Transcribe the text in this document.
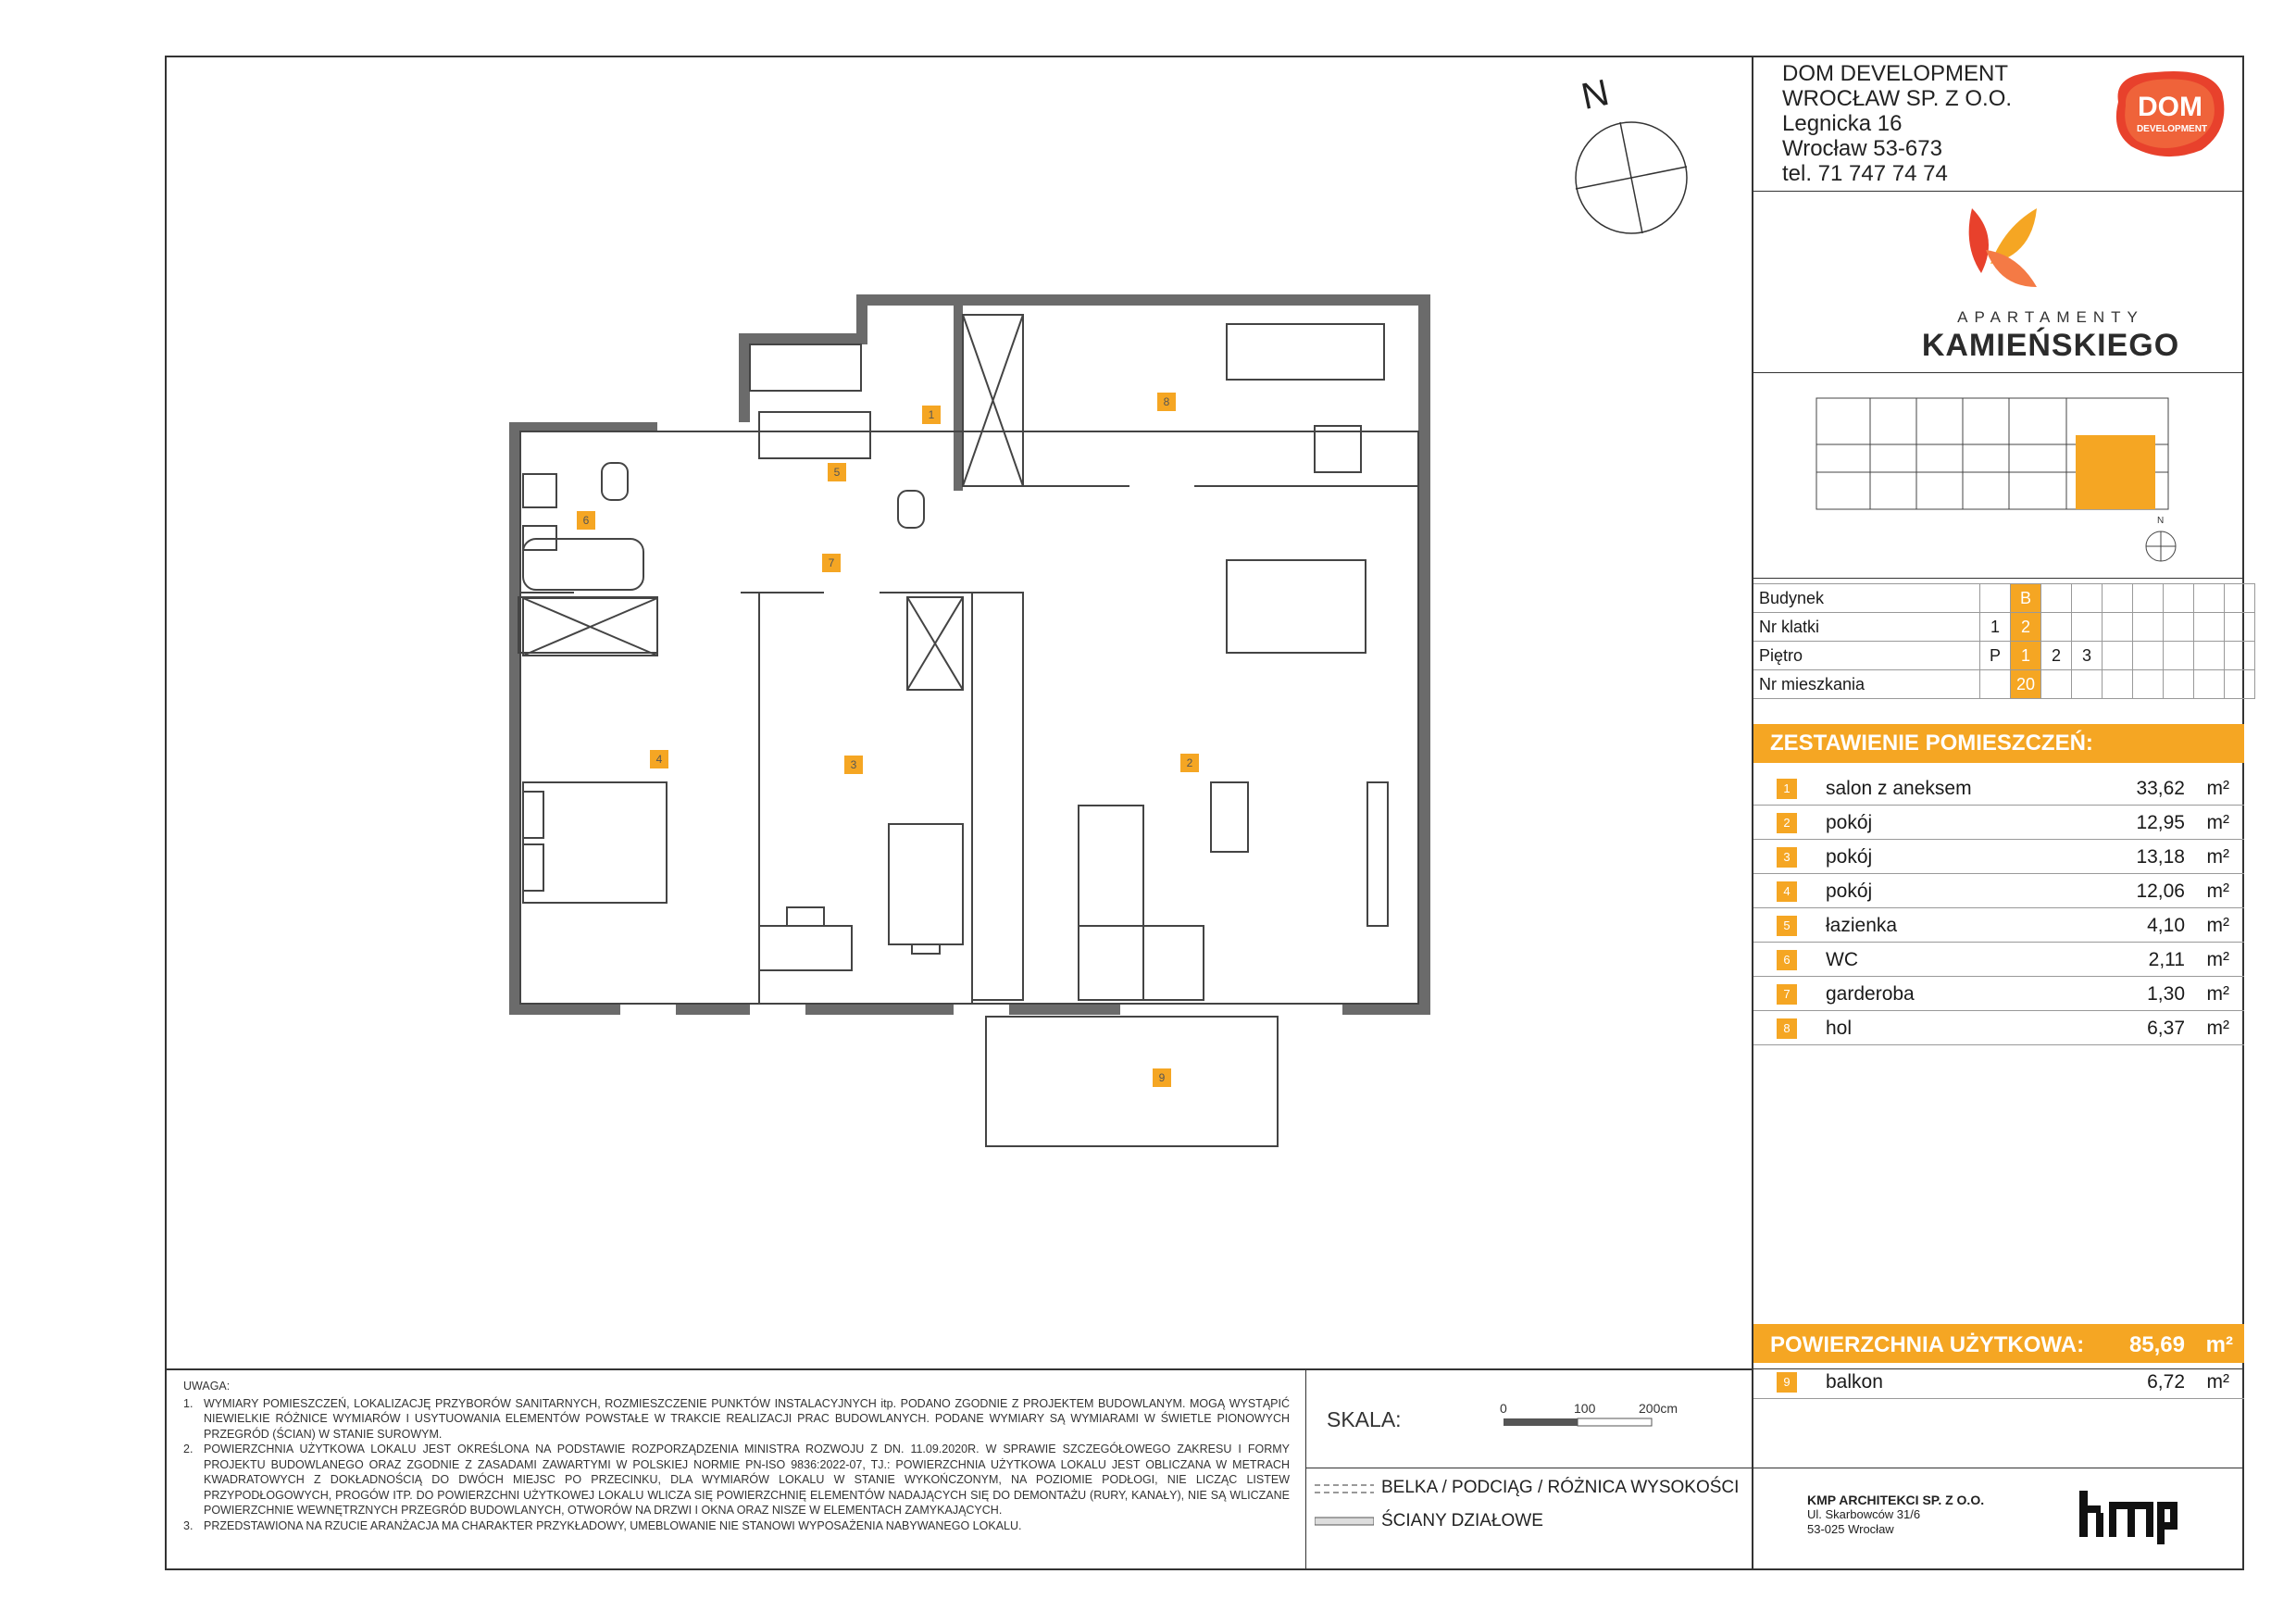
N	DOM DEVELOPMENT
WROCŁAW SP. Z O.O.
Legnicka 16
Wrocław 53-673
tel. 71 747 74 74
DOM
DEVELOPMENT
APARTAMENTY
KAMIEŃSKIEGO
N
Budynek		B							
Nr klatki	1	2							
Piętro	P	1	2	3					
Nr mieszkania		20							
ZESTAWIENIE POMIESZCZEŃ:
1	salon z aneksem	33,62 m²
2	pokój	12,95 m²
3	pokój	13,18 m²
4	pokój	12,06 m²
5	łazienka	4,10 m²
6	WC	2,11 m²
7	garderoba	1,30 m²
8	hol	6,37 m²
POWIERZCHNIA UŻYTKOWA: 85,69 m²
9	balkon	6,72 m²
UWAGA:
1. WYMIARY POMIESZCZEŃ, LOKALIZACJĘ PRZYBORÓW SANITARNYCH, ROZMIESZCZENIE PUNKTÓW INSTALACYJNYCH itp. PODANO ZGODNIE Z PROJEKTEM BUDOWLANYM. MOGĄ WYSTĄPIĆ NIEWIELKIE RÓŻNICE WYMIARÓW I USYTUOWANIA ELEMENTÓW POWSTAŁE W TRAKCIE REALIZACJI PRAC BUDOWLANYCH. PODANE WYMIARY SĄ WYMIARAMI W ŚWIETLE PIONOWYCH PRZEGRÓD (ŚCIAN) W STANIE SUROWYM.
2. POWIERZCHNIA UŻYTKOWA LOKALU JEST OKREŚLONA NA PODSTAWIE ROZPORZĄDZENIA MINISTRA ROZWOJU Z DN. 11.09.2020R. W SPRAWIE SZCZEGÓŁOWEGO ZAKRESU I FORMY PROJEKTU BUDOWLANEGO ORAZ ZGODNIE Z ZASADAMI ZAWARTYMI W POLSKIEJ NORMIE PN-ISO 9836:2022-07, TJ.: POWIERZCHNIA UŻYTKOWA LOKALU JEST OBLICZANA W METRACH KWADRATOWYCH Z DOKŁADNOŚCIĄ DO DWÓCH MIEJSC PO PRZECINKU, DLA WYMIARÓW LOKALU W STANIE WYKOŃCZONYM, NA POZIOMIE PODŁOGI, NIE LICZĄC LISTEW PRZYPODŁOGOWYCH, PROGÓW ITP. DO POWIERZCHNI UŻYTKOWEJ LOKALU WLICZA SIĘ POWIERZCHNIĘ ELEMENTÓW NADAJĄCYCH SIĘ DO DEMONTAŻU (RURY, KANAŁY), NIE SĄ WLICZANE POWIERZCHNIE WEWNĘTRZNYCH PRZEGRÓD BUDOWLANYCH, OTWORÓW NA DRZWI I OKNA ORAZ NISZE W ELEMENTACH ZAMYKAJĄCYCH.
3. PRZEDSTAWIONA NA RZUCIE ARANŻACJA MA CHARAKTER PRZYKŁADOWY, UMEBLOWANIE NIE STANOWI WYPOSAŻENIA NABYWANEGO LOKALU.
SKALA:	0	100	200cm
BELKA / PODCIĄG / RÓŻNICA WYSOKOŚCI
ŚCIANY DZIAŁOWE
KMP ARCHITEKCI SP. Z O.O.
Ul. Skarbowców 31/6
53-025 Wrocław
kmp
8
6
7
1
5
4	3	2
9
